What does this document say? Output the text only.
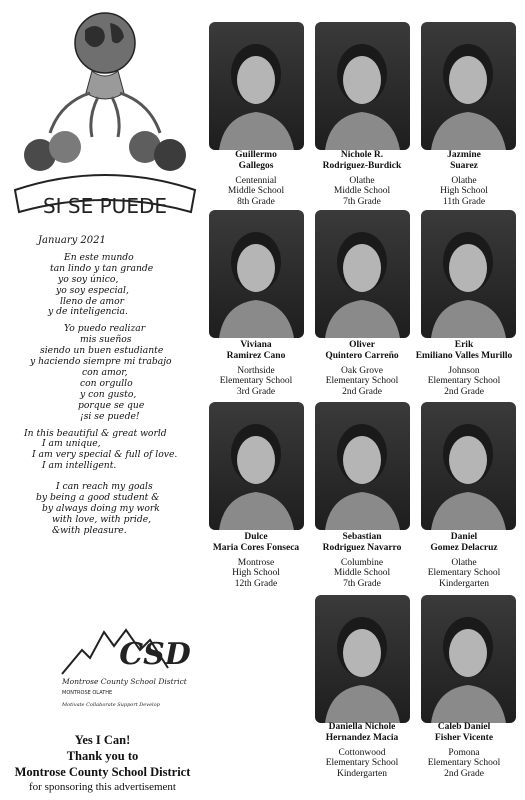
SI SE PUEDE
January 2021
En este mundo
tan lindo y tan grande
yo soy único,
yo soy especial,
lleno de amor
y de inteligencia.
Yo puedo realizar
mis sueños
siendo un buen estudiante
y haciendo siempre mi trabajo
con amor,
con orgullo
y con gusto,
porque se que
¡si se puede!
In this beautiful & great world
I am unique,
I am very special & full of love.
I am intelligent.
I can reach my goals
by being a good student &
by always doing my work
with love, with pride,
&with pleasure.
CSD
Montrose County School District
MONTROSE OLATHE
Motivate Collaborate Support Develop
Yes I Can!
Thank you to
Montrose County School District
for sponsoring this advertisement
Guillermo
Gallegos
Centennial
Middle School
8th Grade
Nichole R.
Rodriguez-Burdick
Olathe
Middle School
7th Grade
Jazmine
Suarez
Olathe
High School
11th Grade
Viviana
Ramirez Cano
Northside
Elementary School
3rd Grade
Oliver
Quintero Carreño
Oak Grove
Elementary School
2nd Grade
Erik
Emiliano Valles Murillo
Johnson
Elementary School
2nd Grade
Dulce
Maria Cores Fonseca
Montrose
High School
12th Grade
Sebastian
Rodriguez Navarro
Columbine
Middle School
7th Grade
Daniel
Gomez Delacruz
Olathe
Elementary School
Kindergarten
Daniella Nichole
Hernandez Macia
Cottonwood
Elementary School
Kindergarten
Caleb Daniel
Fisher Vicente
Pomona
Elementary School
2nd Grade
